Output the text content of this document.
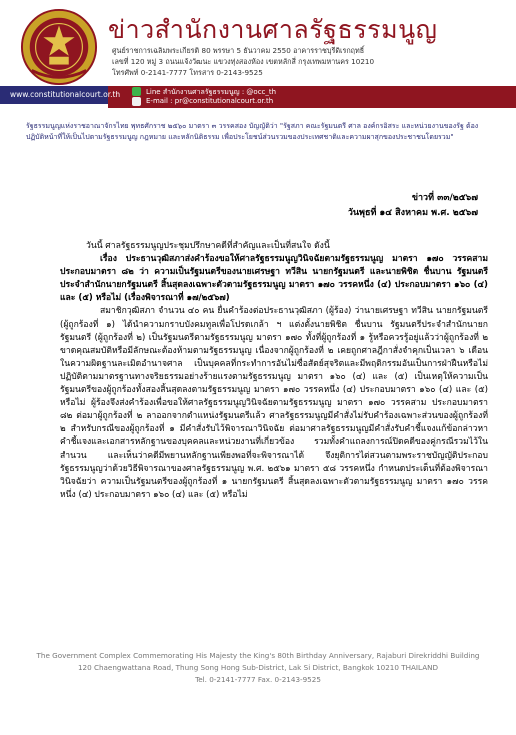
ข่าวสำนักงานศาลรัฐธรรมนูญ
ศูนย์ราชการเฉลิมพระเกียรติ 80 พรรษา 5 ธันวาคม 2550 อาคารราชบุรีดิเรกฤทธิ์
เลขที่ 120 หมู่ 3 ถนนแจ้งวัฒนะ แขวงทุ่งสองห้อง เขตหลักสี่ กรุงเทพมหานคร 10210
โทรศัพท์ 0-2141-7777 โทรสาร 0-2143-9525
www.constitutionalcourt.or.th	Line สำนักงานศาลรัฐธรรมนูญ : @occ_th
E-mail : pr@constitutionalcourt.or.th
รัฐธรรมนูญแห่งราชอาณาจักรไทย พุทธศักราช ๒๕๖๐ มาตรา ๓ วรรคสอง บัญญัติว่า "รัฐสภา คณะรัฐมนตรี ศาล องค์กรอิสระ และหน่วยงานของรัฐ ต้องปฏิบัติหน้าที่ให้เป็นไปตามรัฐธรรมนูญ กฎหมาย และหลักนิติธรรม เพื่อประโยชน์ส่วนรวมของประเทศชาติและความผาสุกของประชาชนโดยรวม"
ข่าวที่ ๓๓/๒๕๖๗
วันพุธที่ ๑๔ สิงหาคม พ.ศ. ๒๕๖๗

วันนี้ ศาลรัฐธรรมนูญประชุมปรึกษาคดีที่สำคัญและเป็นที่สนใจ ดังนี้

เรื่อง ประธานวุฒิสภาส่งคำร้องขอให้ศาลรัฐธรรมนูญวินิจฉัยตามรัฐธรรมนูญ มาตรา ๑๗๐ วรรคสาม ประกอบมาตรา ๘๒ ว่า ความเป็นรัฐมนตรีของนายเศรษฐา ทวีสิน นายกรัฐมนตรี และนายพิชิต ชื่นบาน รัฐมนตรีประจำสำนักนายกรัฐมนตรี สิ้นสุดลงเฉพาะตัวตามรัฐธรรมนูญ มาตรา ๑๗๐ วรรคหนึ่ง (๔) ประกอบมาตรา ๑๖๐ (๔) และ (๕) หรือไม่ (เรื่องพิจารณาที่ ๑๗/๒๕๖๗)

สมาชิกวุฒิสภา จำนวน ๔๐ คน ยื่นคำร้องต่อประธานวุฒิสภา (ผู้ร้อง) ว่านายเศรษฐา ทวีสิน นายกรัฐมนตรี (ผู้ถูกร้องที่ ๑) ได้นำความกราบบังคมทูลเพื่อโปรดเกล้า ฯ แต่งตั้งนายพิชิต ชื่นบาน รัฐมนตรีประจำสำนักนายกรัฐมนตรี (ผู้ถูกร้องที่ ๒) เป็นรัฐมนตรีตามรัฐธรรมนูญ มาตรา ๑๗๐ ทั้งที่ผู้ถูกร้องที่ ๑ รู้หรือควรรู้อยู่แล้วว่าผู้ถูกร้องที่ ๒ ขาดคุณสมบัติหรือมีลักษณะต้องห้ามตามรัฐธรรมนูญ เนื่องจากผู้ถูกร้องที่ ๒ เคยถูกศาลฎีกาสั่งจำคุกเป็นเวลา ๖ เดือน ในความผิดฐานละเมิดอำนาจศาล เป็นบุคคลที่กระทำการอันไม่ซื่อสัตย์สุจริตและมีพฤติกรรมอันเป็นการฝ่าฝืนหรือไม่ปฏิบัติตามมาตรฐานทางจริยธรรมอย่างร้ายแรงตามรัฐธรรมนูญ มาตรา ๑๖๐ (๔) และ (๕) เป็นเหตุให้ความเป็นรัฐมนตรีของผู้ถูกร้องทั้งสองสิ้นสุดลงตามรัฐธรรมนูญ มาตรา ๑๗๐ วรรคหนึ่ง (๔) ประกอบมาตรา ๑๖๐ (๔) และ (๕) หรือไม่ ผู้ร้องจึงส่งคำร้องเพื่อขอให้ศาลรัฐธรรมนูญวินิจฉัยตามรัฐธรรมนูญ มาตรา ๑๗๐ วรรคสาม ประกอบมาตรา ๘๒ ต่อมาผู้ถูกร้องที่ ๒ ลาออกจากตำแหน่งรัฐมนตรีแล้ว ศาลรัฐธรรมนูญมีคำสั่งไม่รับคำร้องเฉพาะส่วนของผู้ถูกร้องที่ ๒ สำหรับกรณีของผู้ถูกร้องที่ ๑ มีคำสั่งรับไว้พิจารณาวินิจฉัย ต่อมาศาลรัฐธรรมนูญมีคำสั่งรับคำชี้แจงแก้ข้อกล่าวหา คำชี้แจงและเอกสารหลักฐานของบุคคลและหน่วยงานที่เกี่ยวข้อง รวมทั้งคำแถลงการณ์ปิดคดีของคู่กรณีรวมไว้ในสำนวน และเห็นว่าคดีมีพยานหลักฐานเพียงพอที่จะพิจารณาได้ จึงยุติการไต่สวนตามพระราชบัญญัติประกอบรัฐธรรมนูญว่าด้วยวิธีพิจารณาของศาลรัฐธรรมนูญ พ.ศ. ๒๕๖๑ มาตรา ๕๘ วรรคหนึ่ง กำหนดประเด็นที่ต้องพิจารณาวินิจฉัยว่า ความเป็นรัฐมนตรีของผู้ถูกร้องที่ ๑ นายกรัฐมนตรี สิ้นสุดลงเฉพาะตัวตามรัฐธรรมนูญ มาตรา ๑๗๐ วรรคหนึ่ง (๔) ประกอบมาตรา ๑๖๐ (๔) และ (๕) หรือไม่

The Government Complex Commemorating His Majesty the King's 80th Birthday Anniversary, Rajaburi Direkriddhi Building
120 Chaengwattana Road, Thung Song Hong Sub-District, Lak Si District, Bangkok 10210 THAILAND
Tel. 0-2141-7777 Fax. 0-2143-9525
